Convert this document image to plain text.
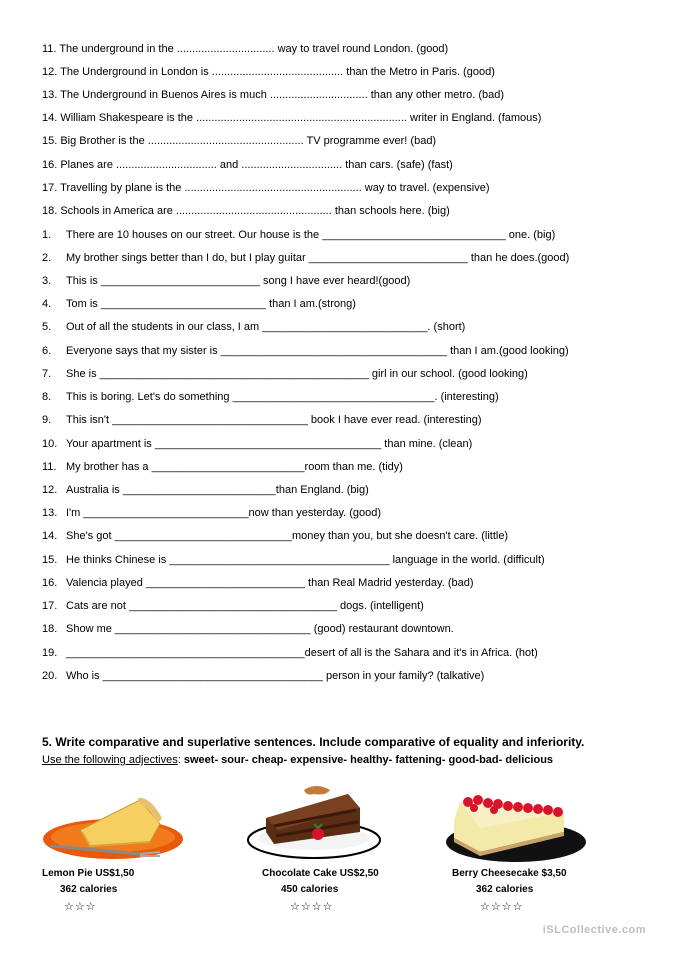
11. The underground in the ................................ way to travel round London. (good)
12. The Underground in London is ........................................... than the Metro in Paris. (good)
13. The Underground in Buenos Aires is much ................................ than any other metro. (bad)
14. William Shakespeare is the ..................................................................... writer in England. (famous)
15. Big Brother is the ................................................... TV programme ever! (bad)
16. Planes are ................................. and ................................. than cars. (safe) (fast)
17. Travelling by plane is the .......................................................... way to travel. (expensive)
18. Schools in America are ................................................... than schools here. (big)
1. There are 10 houses on our street. Our house is the ______________________________ one. (big)
2. My brother sings better than I do, but I play guitar __________________________ than he does.(good)
3. This is __________________________ song I have ever heard!(good)
4. Tom is ___________________________ than I am.(strong)
5. Out of all the students in our class, I am ___________________________. (short)
6. Everyone says that my sister is _____________________________________ than I am.(good looking)
7. She is ____________________________________________ girl in our school. (good looking)
8. This is boring. Let's do something _________________________________. (interesting)
9. This isn't ________________________________ book I have ever read. (interesting)
10. Your apartment is _____________________________________ than mine. (clean)
11. My brother has a _________________________room than me. (tidy)
12. Australia is _________________________than England. (big)
13. I'm ___________________________now than yesterday. (good)
14. She's got _____________________________money than you, but she doesn't care. (little)
15. He thinks Chinese is ____________________________________ language in the world. (difficult)
16. Valencia played __________________________ than Real Madrid yesterday. (bad)
17. Cats are not __________________________________ dogs. (intelligent)
18. Show me ________________________________ (good) restaurant downtown.
19. _______________________________________desert of all is the Sahara and it's in Africa. (hot)
20. Who is ____________________________________ person in your family? (talkative)
5. Write comparative and superlative sentences. Include comparative of equality and inferiority.
Use the following adjectives: sweet- sour- cheap- expensive- healthy- fattening- good-bad- delicious
Lemon Pie US$1,50
362 calories
☆☆☆
Chocolate Cake US$2,50
450 calories
☆☆☆☆
Berry Cheesecake $3,50
362 calories
☆☆☆☆
iSLCollective.com
